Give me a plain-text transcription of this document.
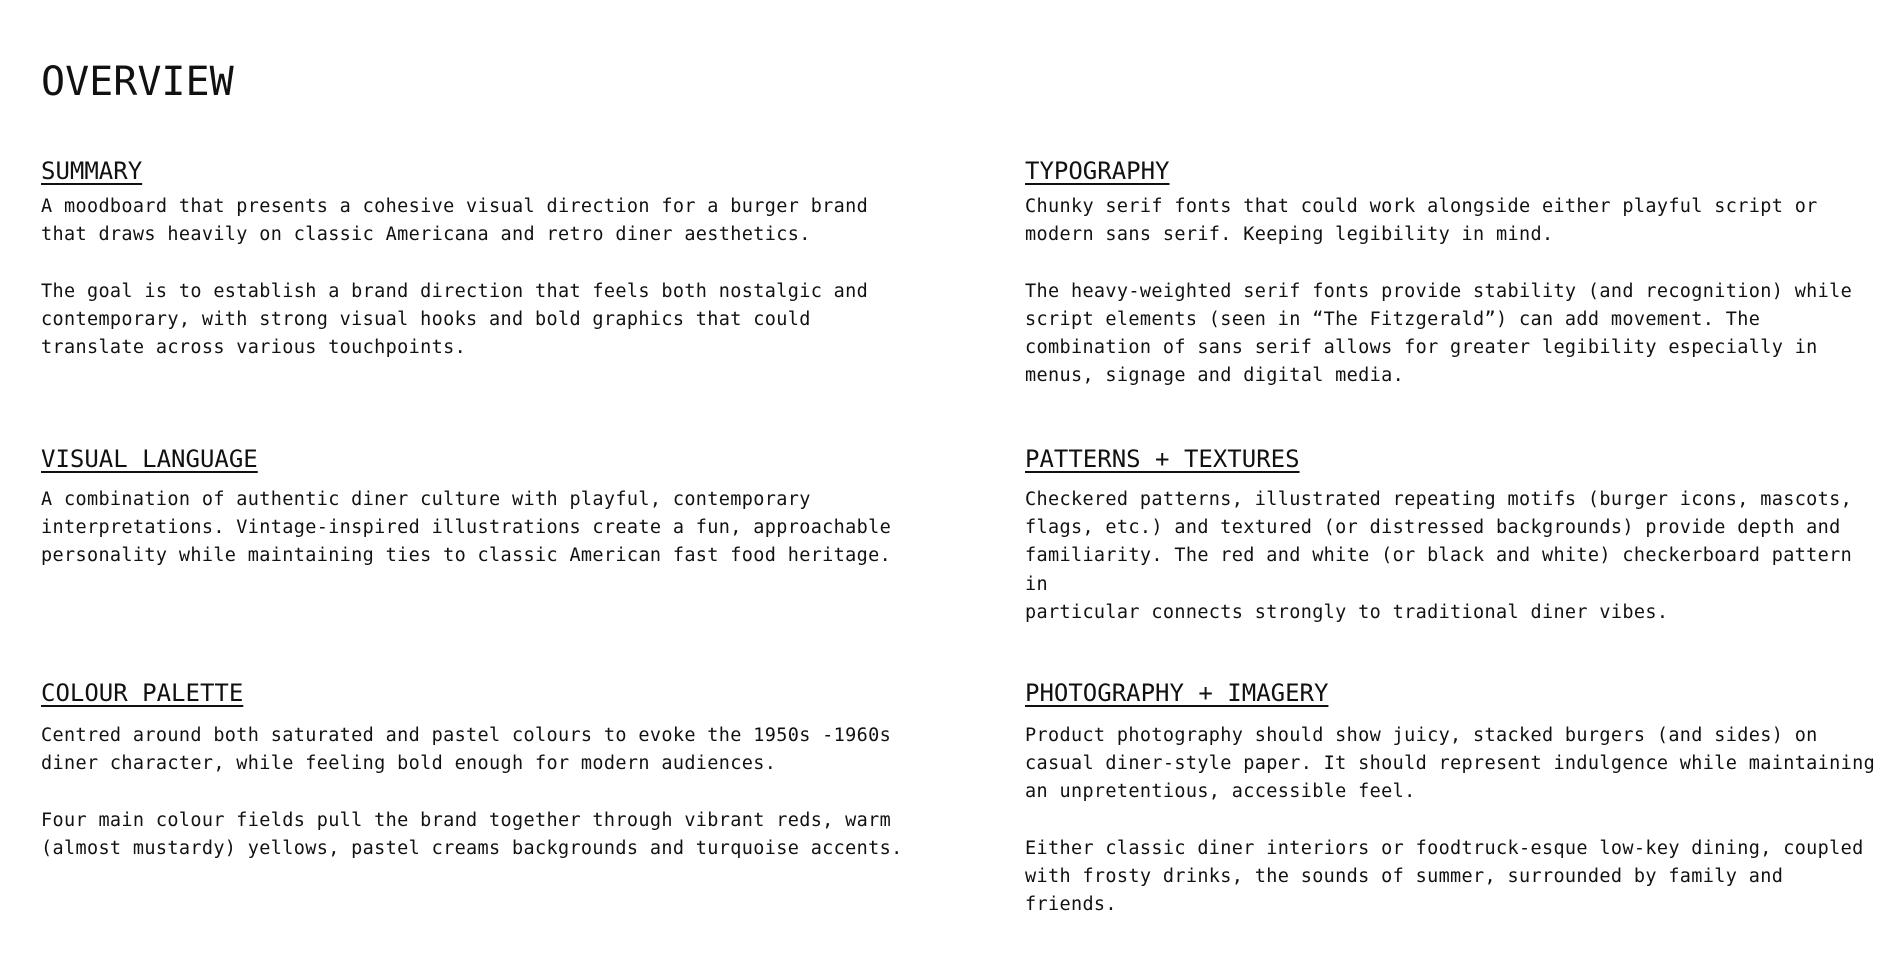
OVERVIEW
SUMMARY

A moodboard that presents a cohesive visual direction for a burger brand
that draws heavily on classic Americana and retro diner aesthetics.

The goal is to establish a brand direction that feels both nostalgic and
contemporary, with strong visual hooks and bold graphics that could
translate across various touchpoints.

VISUAL LANGUAGE

A combination of authentic diner culture with playful, contemporary
interpretations. Vintage-inspired illustrations create a fun, approachable
personality while maintaining ties to classic American fast food heritage.

COLOUR PALETTE

Centred around both saturated and pastel colours to evoke the 1950s -1960s
diner character, while feeling bold enough for modern audiences.

Four main colour fields pull the brand together through vibrant reds, warm
(almost mustardy) yellows, pastel creams backgrounds and turquoise accents.

TYPOGRAPHY

Chunky serif fonts that could work alongside either playful script or
modern sans serif. Keeping legibility in mind.

The heavy-weighted serif fonts provide stability (and recognition) while
script elements (seen in “The Fitzgerald”) can add movement. The
combination of sans serif allows for greater legibility especially in
menus, signage and digital media.

PATTERNS + TEXTURES

Checkered patterns, illustrated repeating motifs (burger icons, mascots,
flags, etc.) and textured (or distressed backgrounds) provide depth and
familiarity. The red and white (or black and white) checkerboard pattern in
particular connects strongly to traditional diner vibes.

PHOTOGRAPHY + IMAGERY

Product photography should show juicy, stacked burgers (and sides) on
casual diner-style paper. It should represent indulgence while maintaining
an unpretentious, accessible feel.

Either classic diner interiors or foodtruck-esque low-key dining, coupled
with frosty drinks, the sounds of summer, surrounded by family and friends.
